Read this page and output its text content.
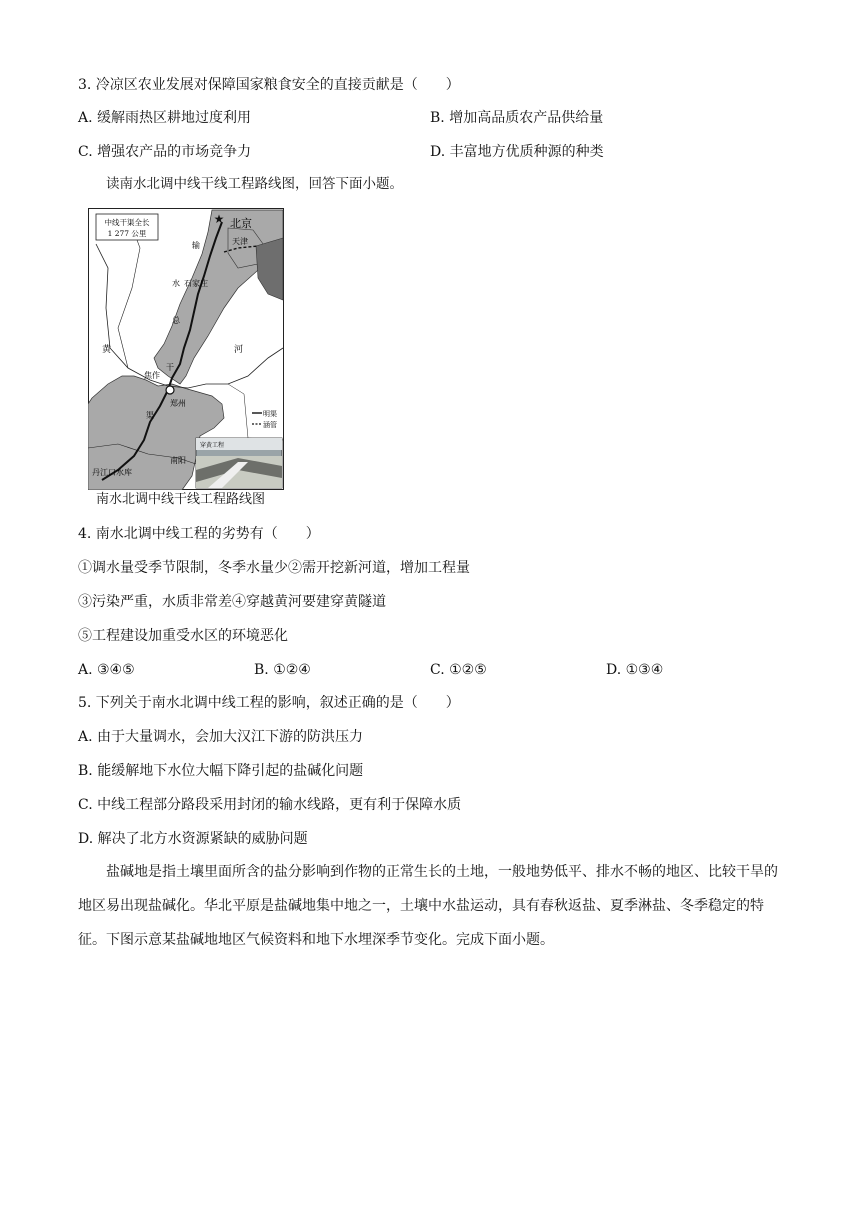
3. 冷凉区农业发展对保障国家粮食安全的直接贡献是（　　）
A. 缓解雨热区耕地过度利用	B. 增加高品质农产品供给量
C. 增强农产品的市场竞争力	D. 丰富地方优质种源的种类
读南水北调中线干线工程路线图，回答下面小题。
★
中线干渠全长
1 277 公里
北京
天津
输
水 石家庄
总
干
焦作
渠
郑州
南阳
丹江口水库
黄	河
明渠
涵管
穿黄工程
南水北调中线干线工程路线图
4. 南水北调中线工程的劣势有（　　）
①调水量受季节限制，冬季水量少②需开挖新河道，增加工程量
③污染严重，水质非常差④穿越黄河要建穿黄隧道
⑤工程建设加重受水区的环境恶化
A. ③④⑤	B. ①②④	C. ①②⑤	D. ①③④
5. 下列关于南水北调中线工程的影响，叙述正确的是（　　）
A. 由于大量调水，会加大汉江下游的防洪压力
B. 能缓解地下水位大幅下降引起的盐碱化问题
C. 中线工程部分路段采用封闭的输水线路，更有利于保障水质
D. 解决了北方水资源紧缺的威胁问题
盐碱地是指土壤里面所含的盐分影响到作物的正常生长的土地，一般地势低平、排水不畅的地区、比较干旱的地区易出现盐碱化。华北平原是盐碱地集中地之一，土壤中水盐运动，具有春秋返盐、夏季淋盐、冬季稳定的特征。下图示意某盐碱地地区气候资料和地下水埋深季节变化。完成下面小题。
